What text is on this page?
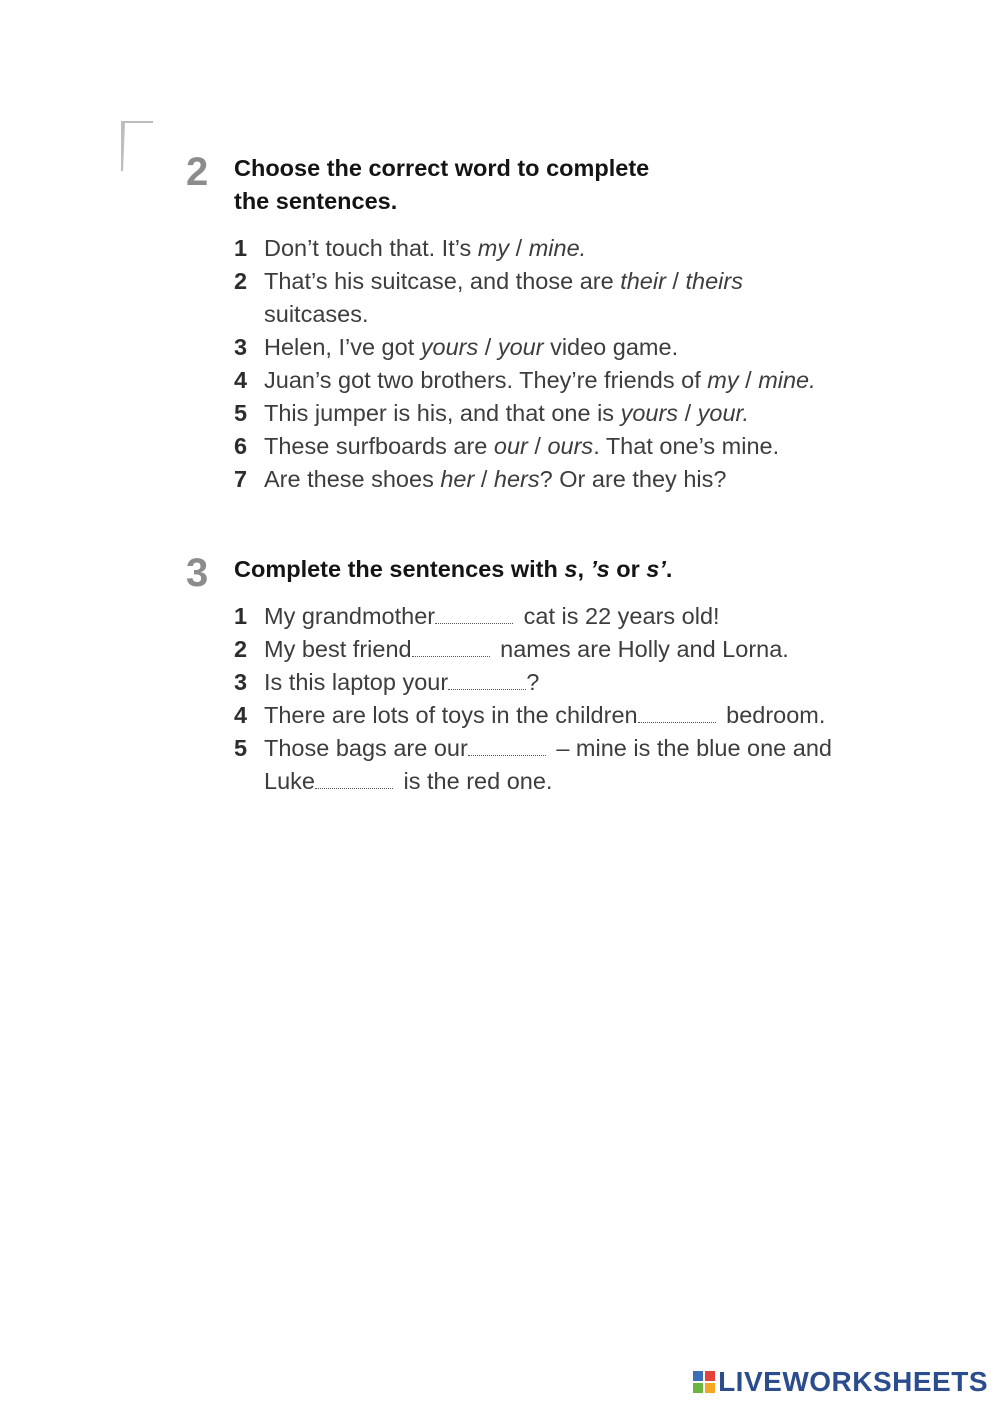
2 Choose the correct word to complete
the sentences.
1 Don’t touch that. It’s my / mine.
2 That’s his suitcase, and those are their / theirs suitcases.
3 Helen, I’ve got yours / your video game.
4 Juan’s got two brothers. They’re friends of my / mine.
5 This jumper is his, and that one is yours / your.
6 These surfboards are our / ours. That one’s mine.
7 Are these shoes her / hers? Or are they his?
3 Complete the sentences with s, ’s or s’.
1 My grandmother	cat is 22 years old!
2 My best friend	names are Holly and Lorna.
3 Is this laptop your	?
4 There are lots of toys in the children	bedroom.
5 Those bags are our	– mine is the blue one and Luke	is the red one.
LIVEWORKSHEETS
